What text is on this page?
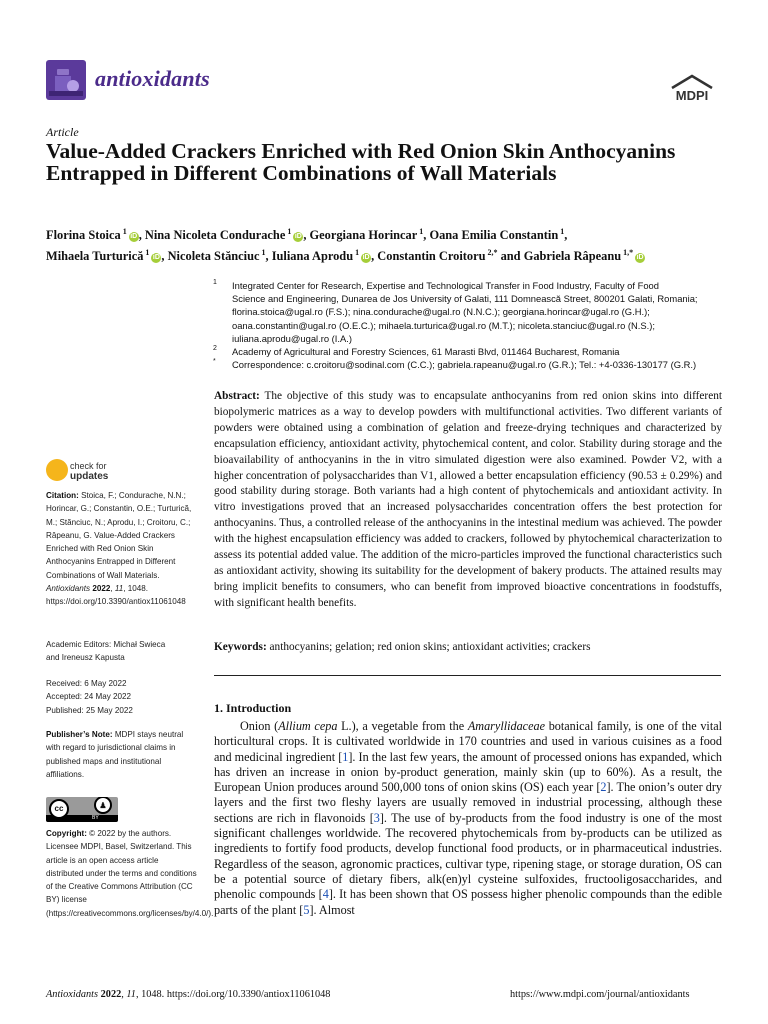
antioxidants
MDPI
Article
Value-Added Crackers Enriched with Red Onion Skin Anthocyanins Entrapped in Different Combinations of Wall Materials
Florina Stoica $^1$iD , Nina Nicoleta Condurache $^1$iD , Georgiana Horincar $^1$, Oana Emilia Constantin $^1$,
Mihaela Turturică $^1$iD , Nicoleta Stănciuc $^1$, Iuliana Aprodu $^1$iD , Constantin Croitoru $^{2,*}$ and Gabriela Râpeanu $^{1,*}$iD
1 Integrated Center for Research, Expertise and Technological Transfer in Food Industry, Faculty of Food
Science and Engineering, Dunarea de Jos University of Galati, 111 Domnească Street, 800201 Galati, Romania;
florina.stoica@ugal.ro (F.S.); nina.condurache@ugal.ro (N.N.C.); georgiana.horincar@ugal.ro (G.H.);
oana.constantin@ugal.ro (O.E.C.); mihaela.turturica@ugal.ro (M.T.); nicoleta.stanciuc@ugal.ro (N.S.);
iuliana.aprodu@ugal.ro (I.A.)
2 Academy of Agricultural and Forestry Sciences, 61 Marasti Blvd, 011464 Bucharest, Romania
* Correspondence: c.croitoru@sodinal.com (C.C.); gabriela.rapeanu@ugal.ro (G.R.); Tel.: +4-0336-130177 (G.R.)
Abstract: The objective of this study was to encapsulate anthocyanins from red onion skins into different biopolymeric matrices as a way to develop powders with multifunctional activities. Two different variants of powders were obtained using a combination of gelation and freeze-drying techniques and characterized by encapsulation efficiency, antioxidant activity, phytochemical content, and color. Stability during storage and the bioavailability of anthocyanins in the in vitro simulated digestion were also examined. Powder V2, with a higher concentration of polysaccharides than V1, allowed a better encapsulation efficiency (90.53 ± 0.29%) and good stability during storage. Both variants had a high content of phytochemicals and antioxidant activity. In vitro investigations proved that an increased polysaccharides concentration offers the best protection for anthocyanins. Thus, a controlled release of the anthocyanins in the intestinal medium was achieved. The powder with the highest encapsulation efficiency was added to crackers, followed by phytochemical characterization to assess its potential added value. The addition of the micro-particles improved the functional characteristics such as antioxidant activity, showing its suitability for the development of bakery products. The attained results may bring implicit benefits to consumers, who can benefit from improved bioactive concentrations in foodstuffs, with significant health benefits.
Keywords: anthocyanins; gelation; red onion skins; antioxidant activities; crackers
1. Introduction
Onion (Allium cepa L.), a vegetable from the Amaryllidaceae botanical family, is one of the vital horticultural crops. It is cultivated worldwide in 170 countries and used in various cuisines as a food and medicinal ingredient [1]. In the last few years, the amount of processed onions has expanded, which has driven an increase in onion by-product generation, mainly skin (up to 60%). As a result, the European Union produces around 500,000 tons of onion skins (OS) each year [2]. The onion’s outer dry layers and the first two fleshy layers are usually removed in industrial processing, although these sections are rich in flavonoids [3]. The use of by-products from the food industry is one of the most significant challenges worldwide. The recovered phytochemicals from by-products can be utilized as ingredients to fortify food products, develop functional food products, or in pharmaceutical industries. Regardless of the season, agronomic practices, cultivar type, ripening stage, or storage duration, OS can be a potential source of dietary fibers, alk(en)yl cysteine sulfoxides, fructooligosaccharides, and phenolic compounds [4]. It has been shown that OS possess higher phenolic compounds than the edible parts of the plant [5]. Almost
check for
updates
Citation: Stoica, F.; Condurache, N.N.; Horincar, G.; Constantin, O.E.; Turturică, M.; Stănciuc, N.; Aprodu, I.; Croitoru, C.; Râpeanu, G. Value-Added Crackers Enriched with Red Onion Skin Anthocyanins Entrapped in Different Combinations of Wall Materials. Antioxidants 2022, 11, 1048. https://doi.org/10.3390/antiox11061048
Academic Editors: Michał Swieca
and Ireneusz Kapusta
Received: 6 May 2022
Accepted: 24 May 2022
Published: 25 May 2022
Publisher’s Note: MDPI stays neutral with regard to jurisdictional claims in published maps and institutional affiliations.
cc	♟
BY
Copyright: © 2022 by the authors. Licensee MDPI, Basel, Switzerland. This article is an open access article distributed under the terms and conditions of the Creative Commons Attribution (CC BY) license (https://creativecommons.org/licenses/by/4.0/).
Antioxidants 2022, 11, 1048. https://doi.org/10.3390/antiox11061048	https://www.mdpi.com/journal/antioxidants
